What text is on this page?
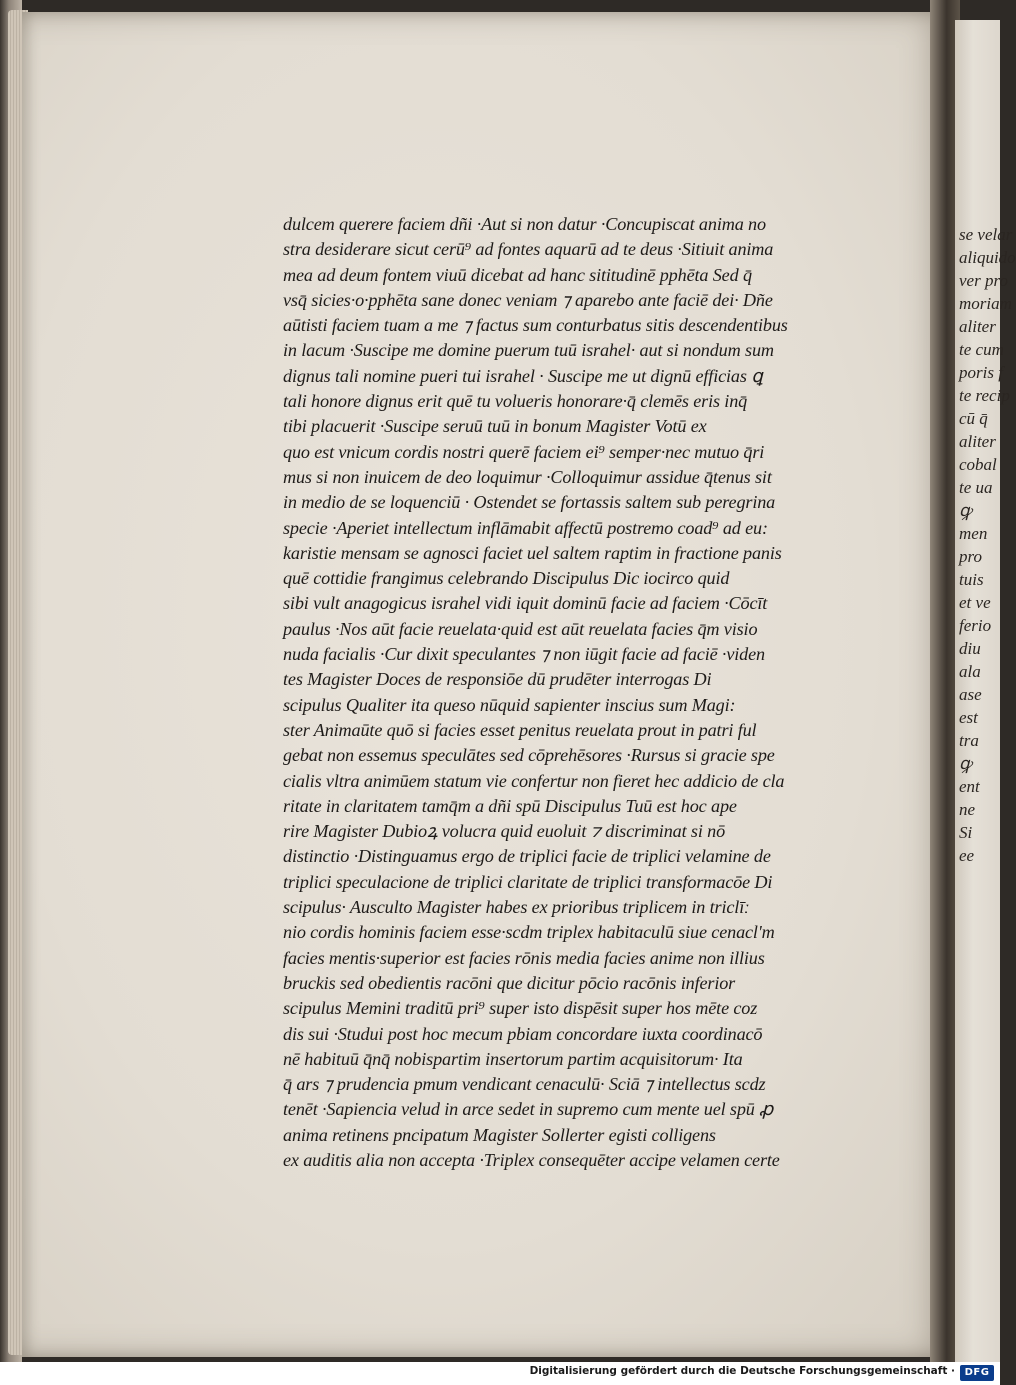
dulcem querere faciem dñi ·Aut si non datur ·Concupiscat anima no
stra desiderare sicut cerū⁹ ad fontes aquarū ad te deus ·Sitiuit anima
mea ad deum fontem viuū dicebat ad hanc sititudinē pphēta Sed q̄
vsq̄ sicies·o·pphēta sane donec veniam ⁊ aparebo ante faciē dei· Dñe
aūtisti faciem tuam a me ⁊ factus sum conturbatus sitis descendentibus
in lacum ·Suscipe me domine puerum tuū israhel· aut si nondum sum
dignus tali nomine pueri tui israhel · Suscipe me ut dignū efficias ꝗ
tali honore dignus erit quē tu volueris honorare·q̄ clemēs eris inq̄
tibi placuerit ·Suscipe seruū tuū in bonum Magister Votū ex
quo est vnicum cordis nostri querē faciem ei⁹ semper·nec mutuo q̄ri
mus si non inuicem de deo loquimur ·Colloquimur assidue q̄tenus sit
in medio de se loquenciū · Ostendet se fortassis saltem sub peregrina
specie ·Aperiet intellectum inflāmabit affectū postremo coad⁹ ad eu:
karistie mensam se agnosci faciet uel saltem raptim in fractione panis
quē cottidie frangimus celebrando Discipulus Dic iocirco quid
sibi vult anagogicus israhel vidi iquit dominū facie ad faciem ·Cōcīt
paulus ·Nos aūt facie reuelata·quid est aūt reuelata facies q̄m visio
nuda facialis ·Cur dixit speculantes ⁊ non iūgit facie ad faciē ·viden
tes Magister Doces de responsiōe dū prudēter interrogas Di
scipulus Qualiter ita queso nūquid sapienter inscius sum Magi:
ster Animaūte quō si facies esset penitus reuelata prout in patri ful
gebat non essemus speculātes sed cōprehēsores ·Rursus si gracie spe
cialis vltra animūem statum vie confertur non fieret hec addicio de cla
ritate in claritatem tamq̄m a dñi spū Discipulus Tuū est hoc ape
rire Magister Dubioꝝ volucra quid euoluit ⁊ discriminat si nō
distinctio ·Distinguamus ergo de triplici facie de triplici velamine de
triplici speculacione de triplici claritate de triplici transformacōe Di
scipulus· Ausculto Magister habes ex prioribus triplicem in triclīː
nio cordis hominis faciem esse·scdm triplex habitaculū siue cenacl'm
facies mentis·superior est facies rōnis media facies anime non illius
bruckis sed obedientis racōni que dicitur pōcio racōnis inferior
scipulus Memini traditū pri⁹ super isto dispēsit super hos mēte coz
dis sui ·Studui post hoc mecum pbiam concordare iuxta coordinacō
nē habituū q̄nq̄ nobispartim insertorum partim acquisitorum· Ita
q̄ ars ⁊ prudencia pmum vendicant cenaculū· Sciā ⁊ intellectus scdz
tenēt ·Sapiencia velud in arce sedet in supremo cum mente uel spū ꝓ
anima retinens pncipatum Magister Sollerter egisti colligens
ex auditis alia non accepta ·Triplex consequēter accipe velamen certe
se velar
aliquido
ver pro
moriam
aliter
te cum
poris f
te recip
cū q̄
aliter
cobal
te ua
ꝙ
men
pro
tuis
et ve
ferio
diu
ala
ase
est
tra
ꝙ
ent
ne
Si
ee
Digitalisierung gefördert durch die Deutsche Forschungsgemeinschaft · DFG
